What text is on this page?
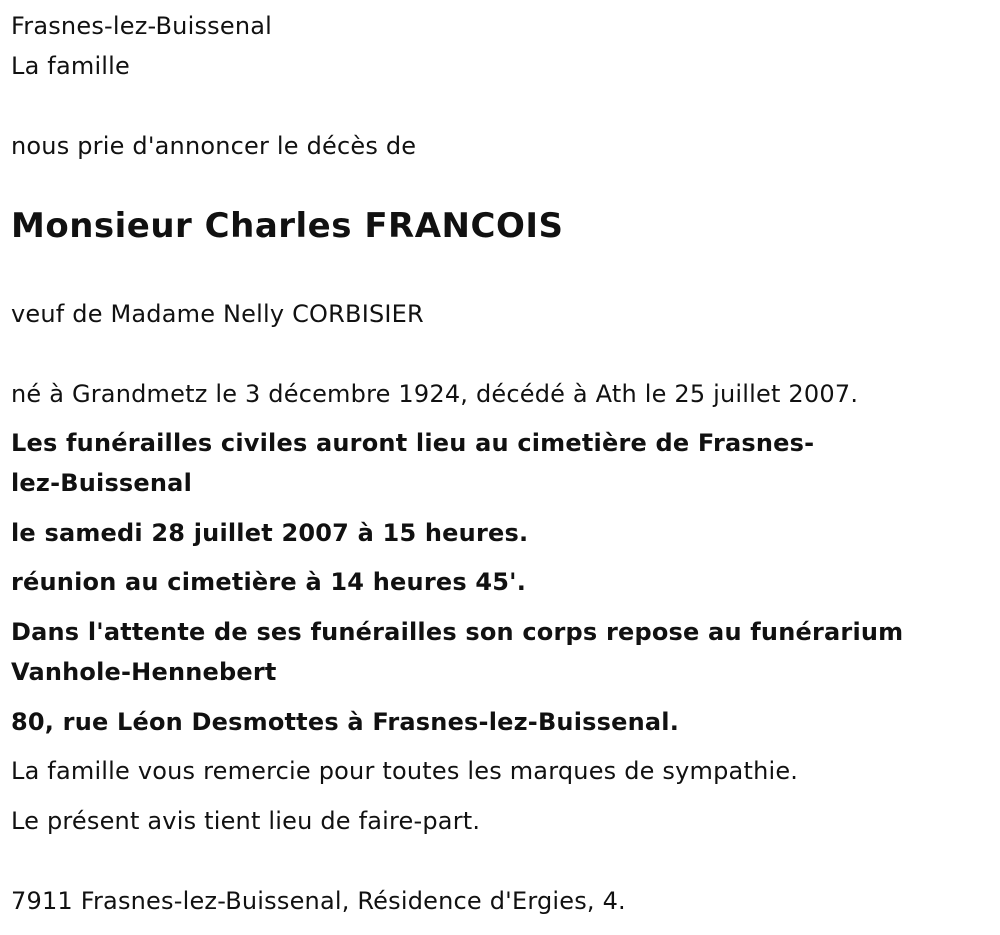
Frasnes-lez-Buissenal
La famille
nous prie d'annoncer le décès de
Monsieur Charles FRANCOIS
veuf de Madame Nelly CORBISIER
né à Grandmetz le 3 décembre 1924, décédé à Ath le 25 juillet 2007.
Les funérailles civiles auront lieu au cimetière de Frasnes-
lez-Buissenal
le samedi 28 juillet 2007 à 15 heures.
réunion au cimetière à 14 heures 45'.
Dans l'attente de ses funérailles son corps repose au funérarium
Vanhole-Hennebert
80, rue Léon Desmottes à Frasnes-lez-Buissenal.
La famille vous remercie pour toutes les marques de sympathie.
Le présent avis tient lieu de faire-part.
7911 Frasnes-lez-Buissenal, Résidence d'Ergies, 4.
